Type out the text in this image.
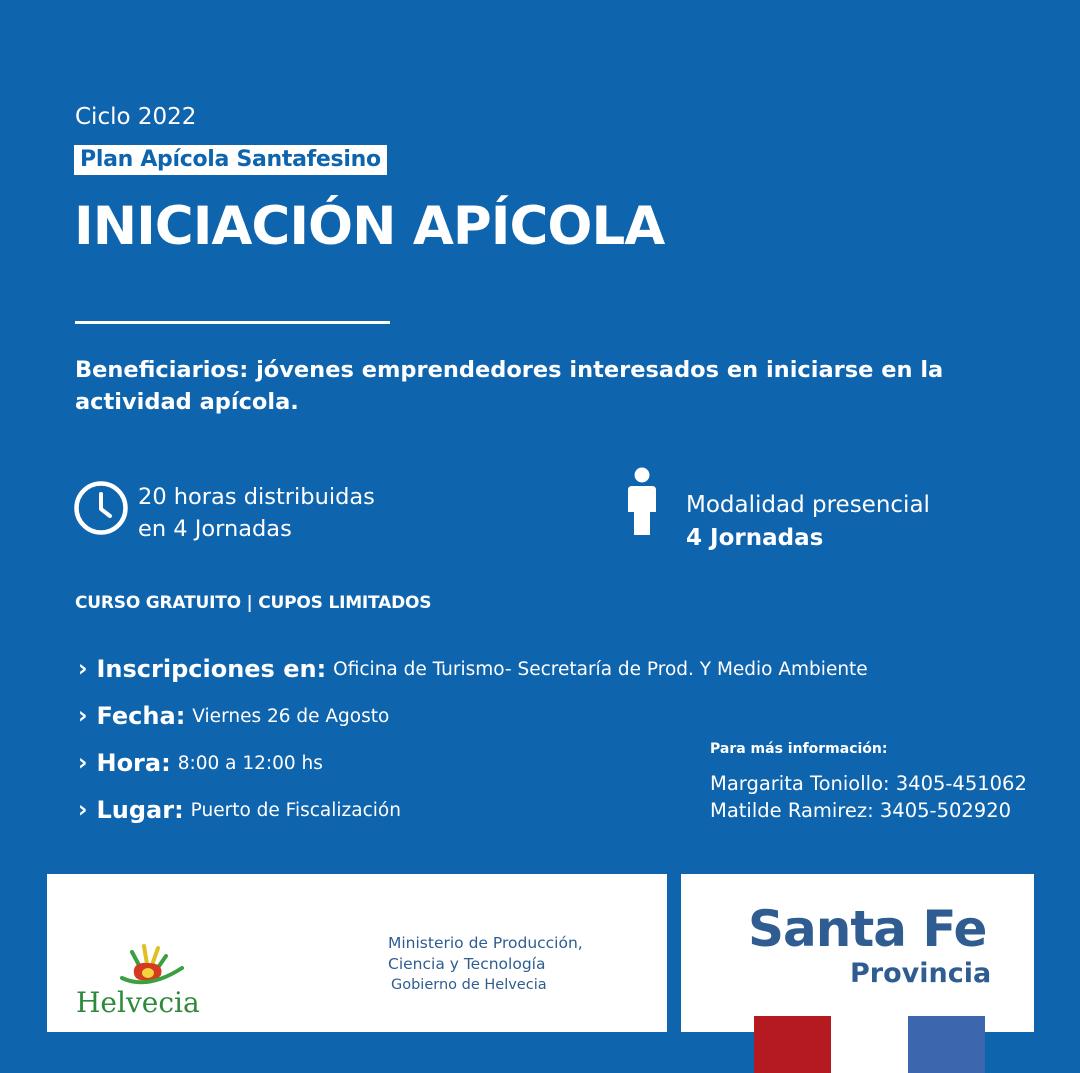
Ciclo 2022
Plan Apícola Santafesino
INICIACIÓN APÍCOLA
Beneficiarios: jóvenes emprendedores interesados en iniciarse en la actividad apícola.
20 horas distribuidas
en 4 Jornadas
Modalidad presencial
4 Jornadas
CURSO GRATUITO | CUPOS LIMITADOS
› Inscripciones en: Oficina de Turismo- Secretaría de Prod. Y Medio Ambiente
› Fecha: Viernes 26 de Agosto
› Hora: 8:00 a 12:00 hs
› Lugar: Puerto de Fiscalización
Para más información:
Margarita Toniollo: 3405-451062
Matilde Ramirez: 3405-502920
Helvecia
Ministerio de Producción,
Ciencia y Tecnología
Gobierno de Helvecia
Santa Fe
Provincia
